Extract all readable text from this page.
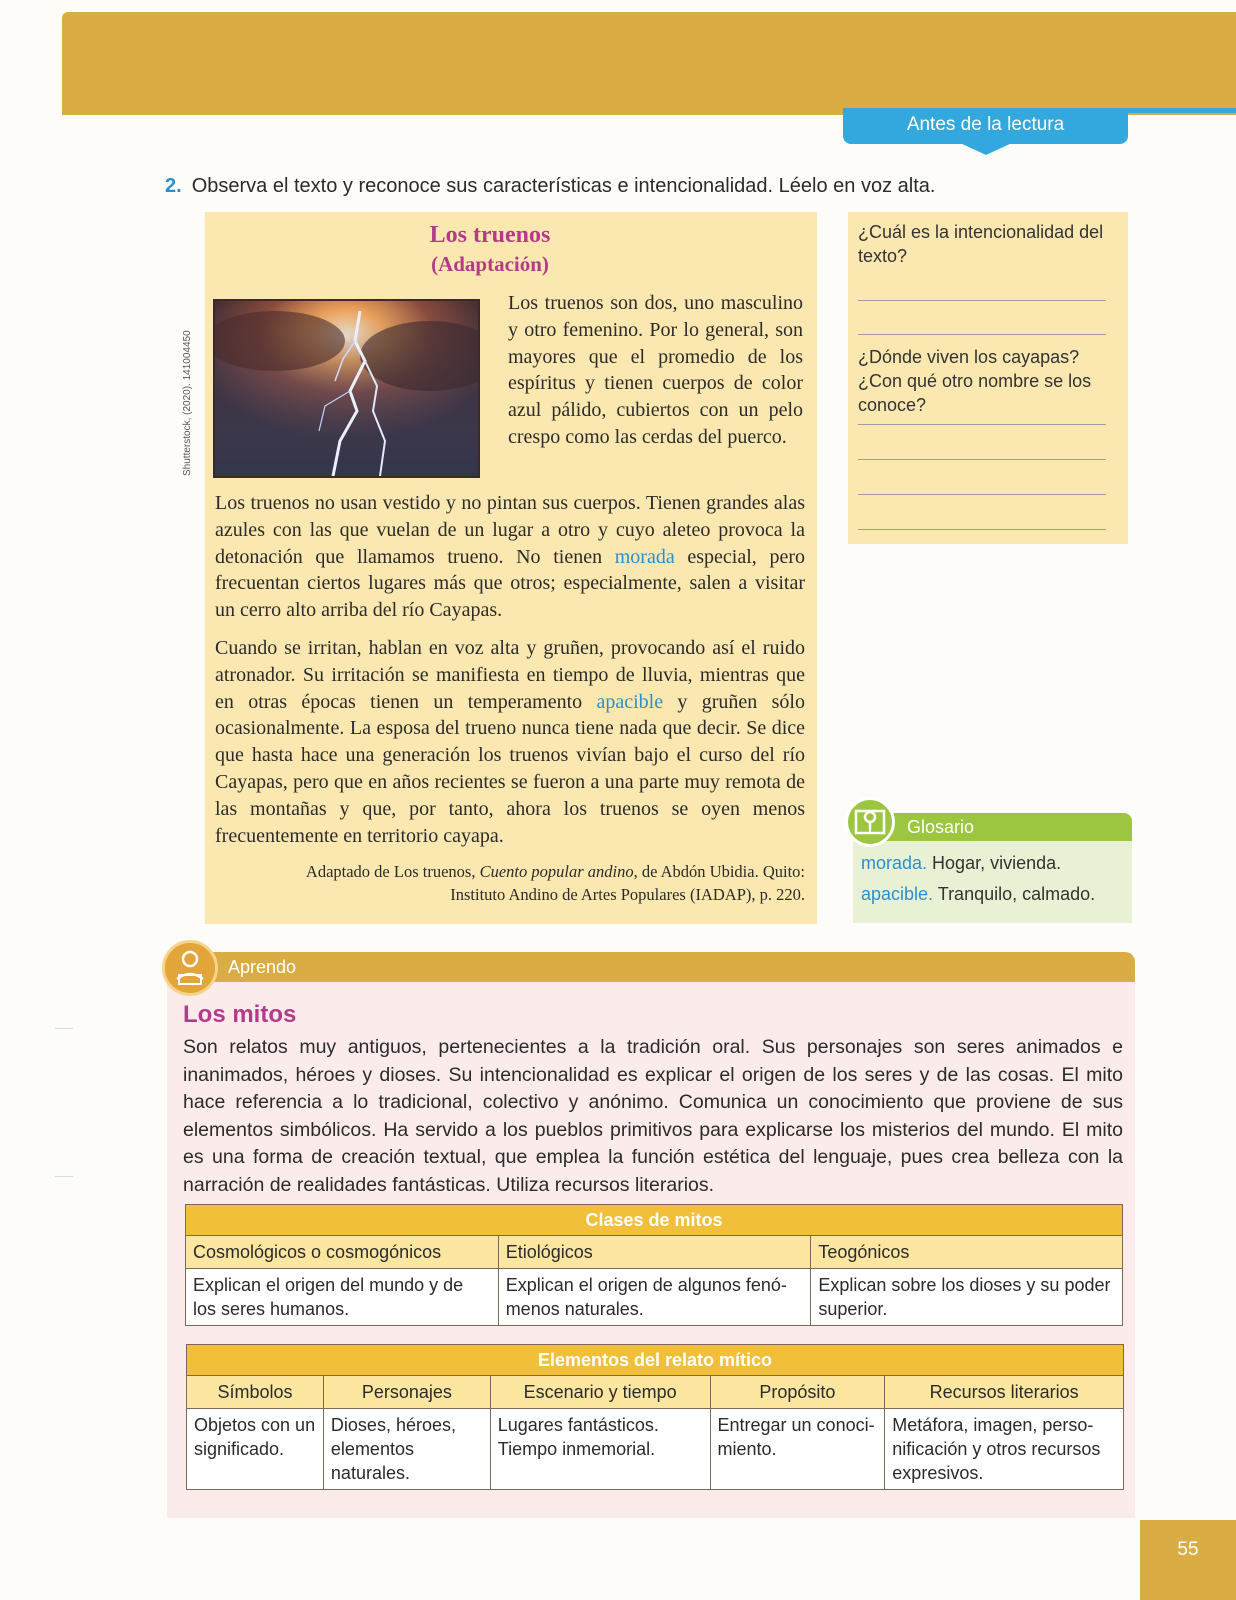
Antes de la lectura
2. Observa el texto y reconoce sus características e intencionalidad. Léelo en voz alta.
Los truenos
(Adaptación)
Shutterstock, (2020). 141004450
Los truenos son dos, uno masculino y otro femenino. Por lo general, son mayores que el promedio de los espíritus y tienen cuerpos de color azul pálido, cubiertos con un pelo crespo como las cerdas del puerco.
Los truenos no usan vestido y no pintan sus cuerpos. Tienen grandes alas azules con las que vuelan de un lugar a otro y cuyo aleteo provoca la detonación que llamamos trueno. No tienen morada especial, pero frecuentan ciertos lugares más que otros; especialmente, salen a visitar un cerro alto arriba del río Cayapas.
Cuando se irritan, hablan en voz alta y gruñen, provocando así el ruido atronador. Su irritación se manifiesta en tiempo de lluvia, mientras que en otras épocas tienen un temperamento apacible y gruñen sólo ocasionalmente. La esposa del trueno nunca tiene nada que decir. Se dice que hasta hace una generación los truenos vivían bajo el curso del río Cayapas, pero que en años recientes se fueron a una parte muy remota de las montañas y que, por tanto, ahora los truenos se oyen menos frecuentemente en territorio cayapa.
Adaptado de Los truenos, Cuento popular andino, de Abdón Ubidia. Quito:
Instituto Andino de Artes Populares (IADAP), p. 220.
¿Cuál es la intencionalidad del texto?
¿Dónde viven los cayapas? ¿Con qué otro nombre se los conoce?
Glosario
morada. Hogar, vivienda.
apacible. Tranquilo, calmado.
Aprendo
Los mitos
Son relatos muy antiguos, pertenecientes a la tradición oral. Sus personajes son seres animados e inanimados, héroes y dioses. Su intencionalidad es explicar el origen de los seres y de las cosas. El mito hace referencia a lo tradicional, colectivo y anónimo. Comunica un conocimiento que proviene de sus elementos simbólicos. Ha servido a los pueblos primitivos para explicarse los misterios del mundo. El mito es una forma de creación textual, que emplea la función estética del lenguaje, pues crea belleza con la narración de realidades fantásticas. Utiliza recursos literarios.
Clases de mitos		
Cosmológicos o cosmogónicos	Etiológicos	Teogónicos
Explican el origen del mundo y de los seres humanos.	Explican el origen de algunos fenómenos naturales.	Explican sobre los dioses y su poder superior.
Elementos del relato mítico				
Símbolos	Personajes	Escenario y tiempo	Propósito	Recursos literarios
Objetos con un significado.	Dioses, héroes, elementos naturales.	Lugares fantásticos. Tiempo inmemorial.	Entregar un conocimiento.	Metáfora, imagen, personificación y otros recursos expresivos.
55
